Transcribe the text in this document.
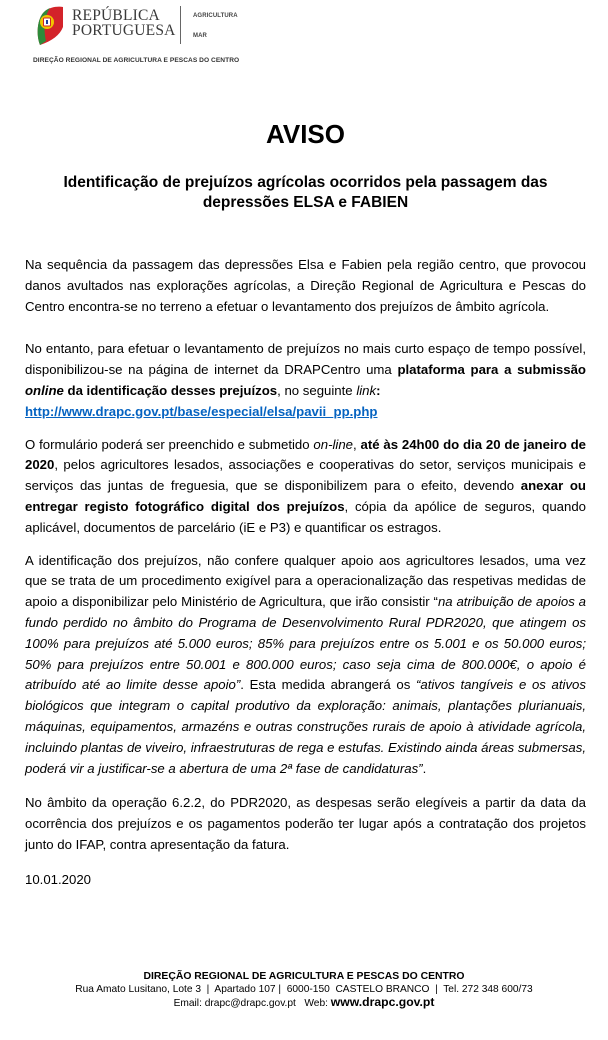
REPÚBLICA
PORTUGUESA
AGRICULTURA
MAR
DIREÇÃO REGIONAL DE AGRICULTURA E PESCAS DO CENTRO
AVISO
Identificação de prejuízos agrícolas ocorridos pela passagem das depressões ELSA e FABIEN

Na sequência da passagem das depressões Elsa e Fabien pela região centro, que provocou danos avultados nas explorações agrícolas, a Direção Regional de Agricultura e Pescas do Centro encontra-se no terreno a efetuar o levantamento dos prejuízos de âmbito agrícola.

No entanto, para efetuar o levantamento de prejuízos no mais curto espaço de tempo possível, disponibilizou-se na página de internet da DRAPCentro uma plataforma para a submissão online da identificação desses prejuízos, no seguinte link:
http://www.drapc.gov.pt/base/especial/elsa/pavii_pp.php

O formulário poderá ser preenchido e submetido on-line, até às 24h00 do dia 20 de janeiro de 2020, pelos agricultores lesados, associações e cooperativas do setor, serviços municipais e serviços das juntas de freguesia, que se disponibilizem para o efeito, devendo anexar ou entregar registo fotográfico digital dos prejuízos, cópia da apólice de seguros, quando aplicável, documentos de parcelário (iE e P3) e quantificar os estragos.

A identificação dos prejuízos, não confere qualquer apoio aos agricultores lesados, uma vez que se trata de um procedimento exigível para a operacionalização das respetivas medidas de apoio a disponibilizar pelo Ministério de Agricultura, que irão consistir “na atribuição de apoios a fundo perdido no âmbito do Programa de Desenvolvimento Rural PDR2020, que atingem os 100% para prejuízos até 5.000 euros; 85% para prejuízos entre os 5.001 e os 50.000 euros; 50% para prejuízos entre 50.001 e 800.000 euros; caso seja cima de 800.000€, o apoio é atribuído até ao limite desse apoio”. Esta medida abrangerá os “ativos tangíveis e os ativos biológicos que integram o capital produtivo da exploração: animais, plantações plurianuais, máquinas, equipamentos, armazéns e outras construções rurais de apoio à atividade agrícola, incluindo plantas de viveiro, infraestruturas de rega e estufas. Existindo ainda áreas submersas, poderá vir a justificar-se a abertura de uma 2ª fase de candidaturas”.

No âmbito da operação 6.2.2, do PDR2020, as despesas serão elegíveis a partir da data da ocorrência dos prejuízos e os pagamentos poderão ter lugar após a contratação dos projetos junto do IFAP, contra apresentação da fatura.

10.01.2020
DIREÇÃO REGIONAL DE AGRICULTURA E PESCAS DO CENTRO
Rua Amato Lusitano, Lote 3  |  Apartado 107 |  6000-150  CASTELO BRANCO  |  Tel. 272 348 600/73
Email: drapc@drapc.gov.pt   Web: www.drapc.gov.pt
